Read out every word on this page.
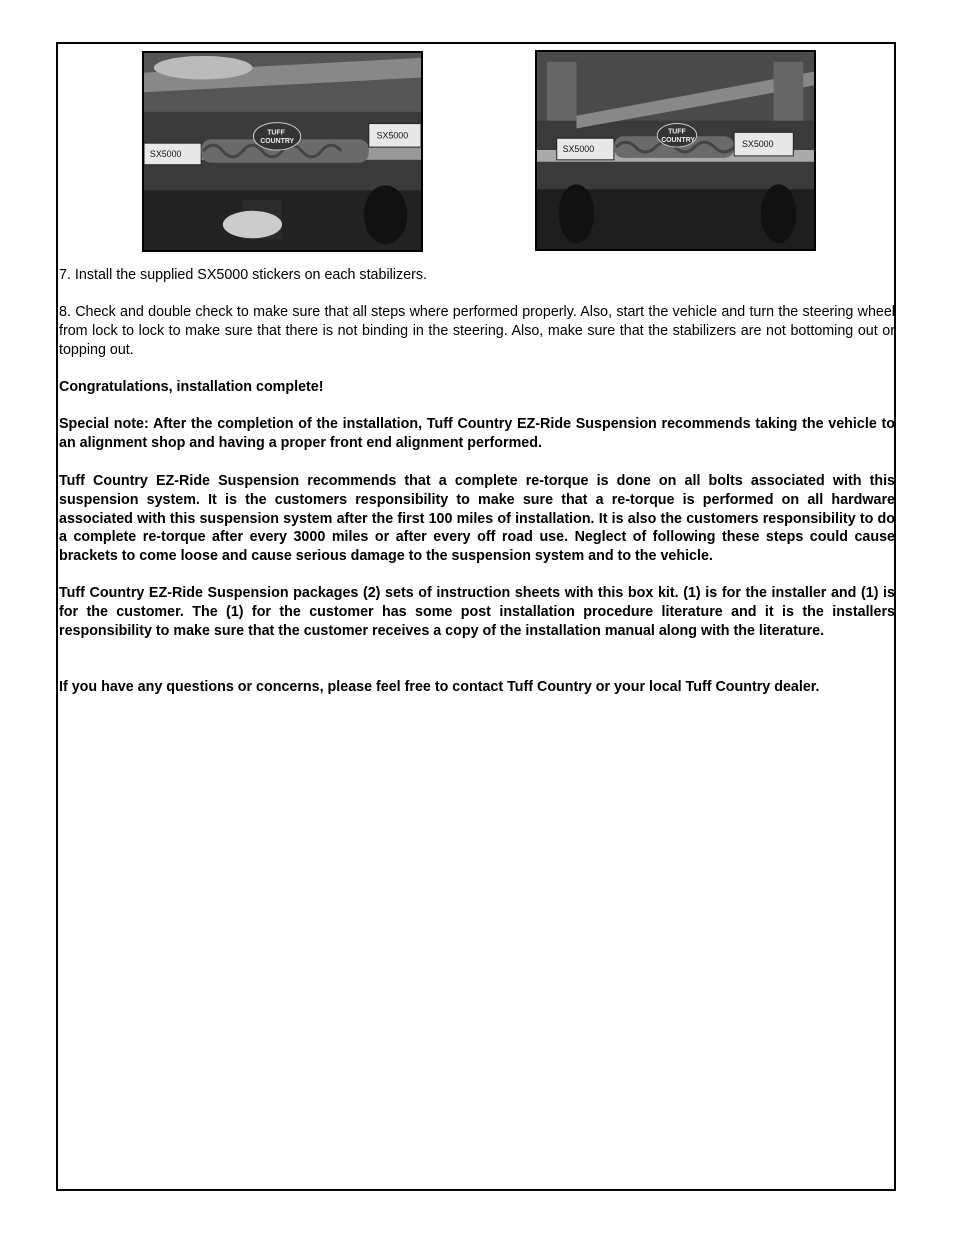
SX5000
SX5000
TUFF
COUNTRY
SX5000	SX5000
TUFF
COUNTRY

7. Install the supplied SX5000 stickers on each stabilizers.

8. Check and double check to make sure that all steps where performed properly. Also, start the vehicle and turn the steering wheel from lock to lock to make sure that there is not binding in the steering. Also, make sure that the stabilizers are not bottoming out or topping out.

Congratulations, installation complete!

Special note: After the completion of the installation, Tuff Country EZ-Ride Suspension recommends taking the vehicle to an alignment shop and having a proper front end alignment performed.

Tuff Country EZ-Ride Suspension recommends that a complete re-torque is done on all bolts associated with this suspension system. It is the customers responsibility to make sure that a re-torque is performed on all hardware associated with this suspension system after the first 100 miles of installation. It is also the customers responsibility to do a complete re-torque after every 3000 miles or after every off road use. Neglect of following these steps could cause brackets to come loose and cause serious damage to the suspension system and to the vehicle.

Tuff Country EZ-Ride Suspension packages (2) sets of instruction sheets with this box kit. (1) is for the installer and (1) is for the customer. The (1) for the customer has some post installation procedure literature and it is the installers responsibility to make sure that the customer receives a copy of the installation manual along with the literature.

If you have any questions or concerns, please feel free to contact Tuff Country or your local Tuff Country dealer.
